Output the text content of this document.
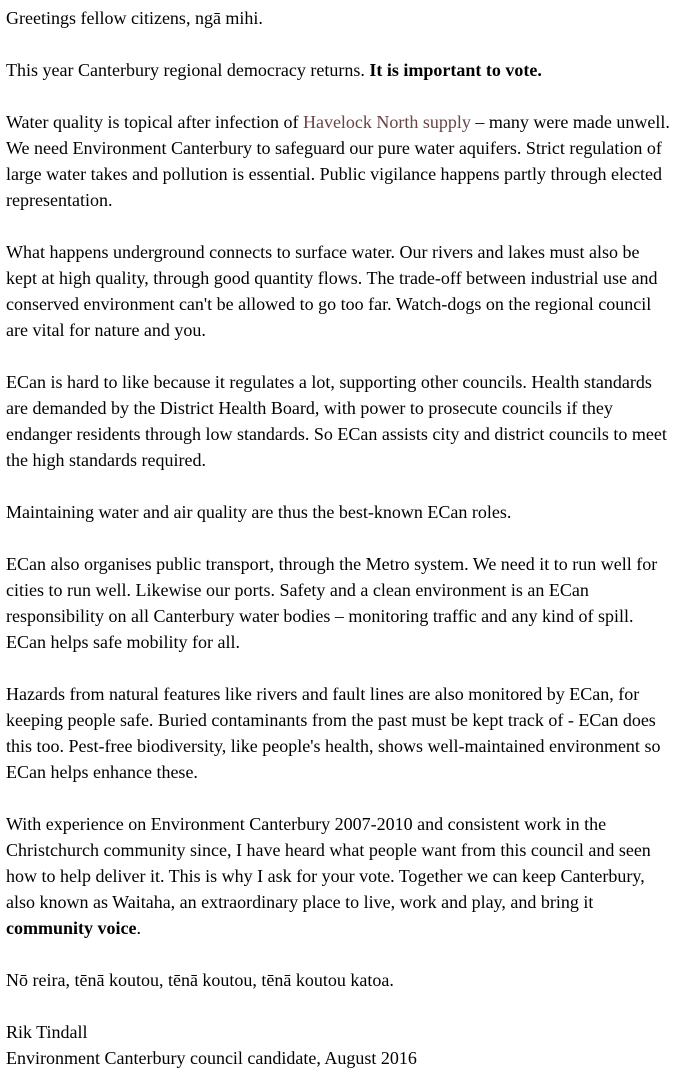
Greetings fellow citizens, ngā mihi.

This year Canterbury regional democracy returns. It is important to vote.

Water quality is topical after infection of Havelock North supply – many were made unwell. We need Environment Canterbury to safeguard our pure water aquifers. Strict regulation of large water takes and pollution is essential. Public vigilance happens partly through elected representation.

What happens underground connects to surface water. Our rivers and lakes must also be kept at high quality, through good quantity flows. The trade-off between industrial use and conserved environment can't be allowed to go too far. Watch-dogs on the regional council are vital for nature and you.

ECan is hard to like because it regulates a lot, supporting other councils. Health standards are demanded by the District Health Board, with power to prosecute councils if they endanger residents through low standards. So ECan assists city and district councils to meet the high standards required.

Maintaining water and air quality are thus the best-known ECan roles.

ECan also organises public transport, through the Metro system. We need it to run well for cities to run well. Likewise our ports. Safety and a clean environment is an ECan responsibility on all Canterbury water bodies – monitoring traffic and any kind of spill. ECan helps safe mobility for all.

Hazards from natural features like rivers and fault lines are also monitored by ECan, for keeping people safe. Buried contaminants from the past must be kept track of - ECan does this too. Pest-free biodiversity, like people's health, shows well-maintained environment so ECan helps enhance these.

With experience on Environment Canterbury 2007-2010 and consistent work in the Christchurch community since, I have heard what people want from this council and seen how to help deliver it. This is why I ask for your vote. Together we can keep Canterbury, also known as Waitaha, an extraordinary place to live, work and play, and bring it community voice.

Nō reira, tēnā koutou, tēnā koutou, tēnā koutou katoa.

Rik Tindall
Environment Canterbury council candidate, August 2016
